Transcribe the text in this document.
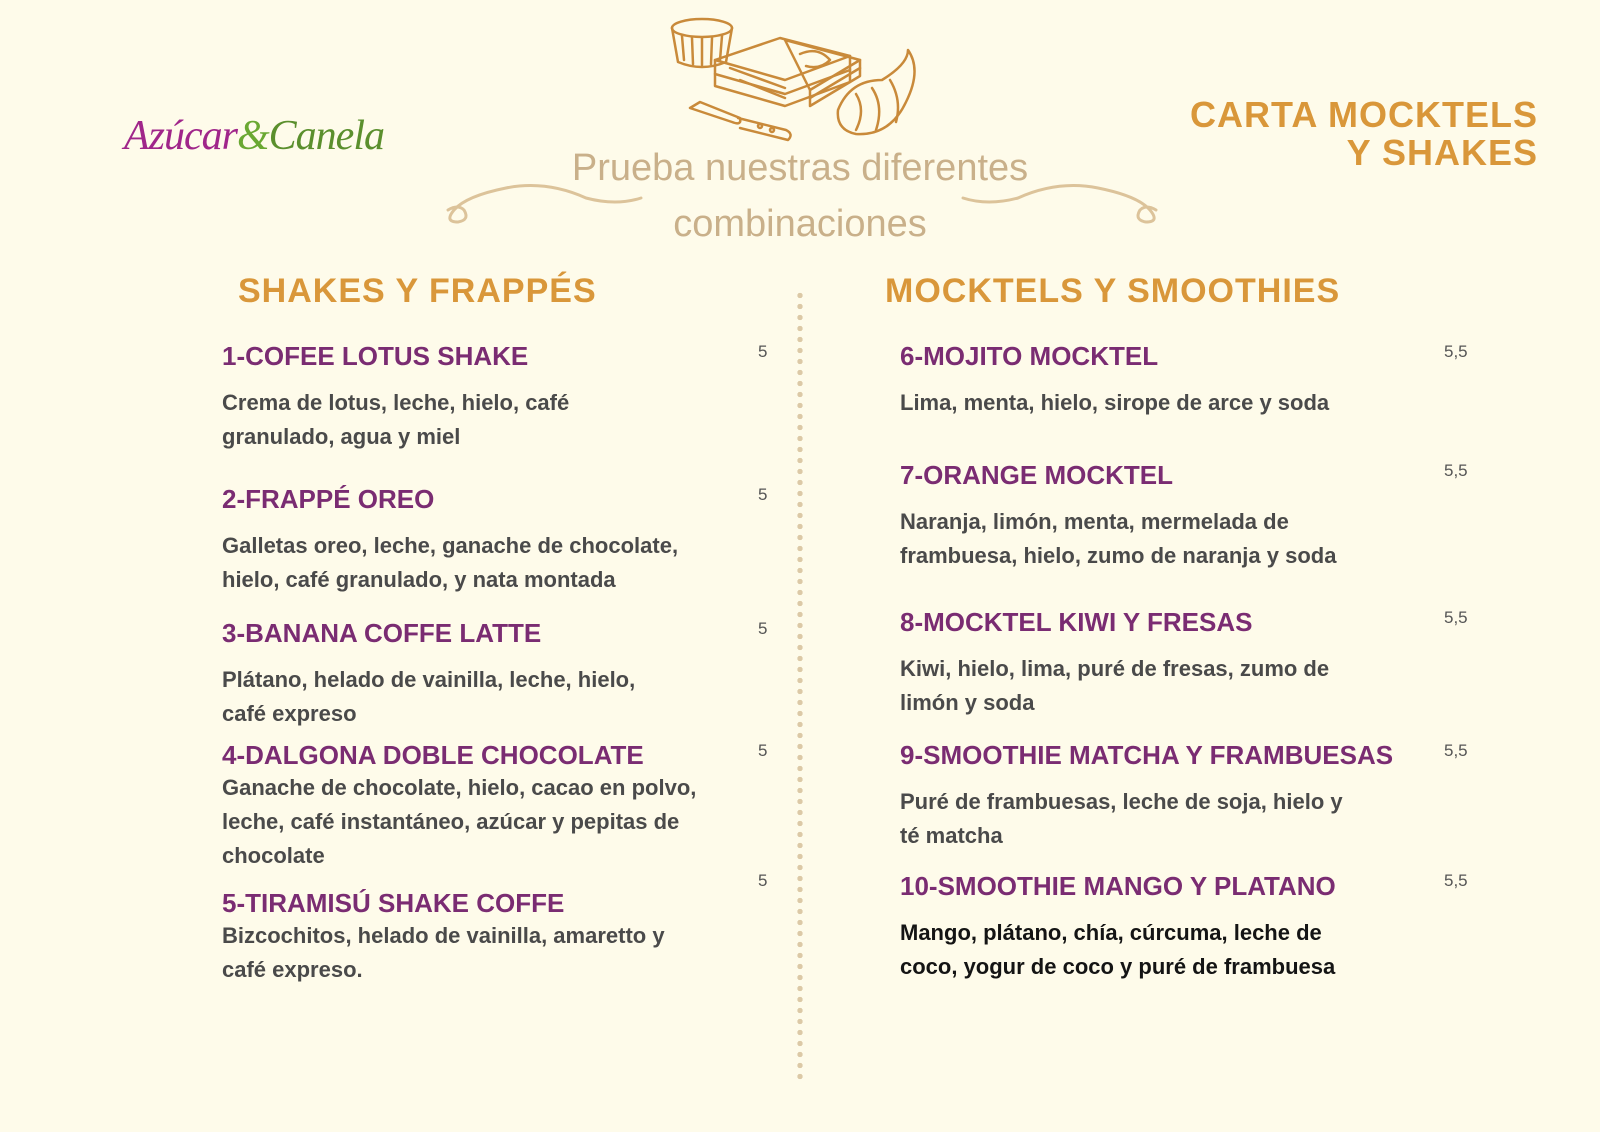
Azúcar&Canela	CARTA MOCKTELS
Y SHAKES
Prueba nuestras diferentes
combinaciones
SHAKES Y FRAPPÉS
1-COFEE LOTUS SHAKE
Crema de lotus, leche, hielo, café
granulado, agua y miel
5
2-FRAPPÉ OREO
Galletas oreo, leche, ganache de chocolate,
hielo, café granulado, y nata montada
5
3-BANANA COFFE LATTE
Plátano, helado de vainilla, leche, hielo,
café expreso
5
4-DALGONA DOBLE CHOCOLATE
Ganache de chocolate, hielo, cacao en polvo,
leche, café instantáneo, azúcar y pepitas de
chocolate
5
5-TIRAMISÚ SHAKE COFFE
Bizcochitos, helado de vainilla, amaretto y
café expreso.
5
MOCKTELS Y SMOOTHIES
6-MOJITO MOCKTEL
Lima, menta, hielo, sirope de arce y soda
5,5
7-ORANGE MOCKTEL
Naranja, limón, menta, mermelada de
frambuesa, hielo, zumo de naranja y soda
5,5
8-MOCKTEL KIWI Y FRESAS
Kiwi, hielo, lima, puré de fresas, zumo de
limón y soda
5,5
9-SMOOTHIE MATCHA Y FRAMBUESAS
Puré de frambuesas, leche de soja, hielo y
té matcha
5,5
10-SMOOTHIE MANGO Y PLATANO
Mango, plátano, chía, cúrcuma, leche de
coco, yogur de coco y puré de frambuesa
5,5
